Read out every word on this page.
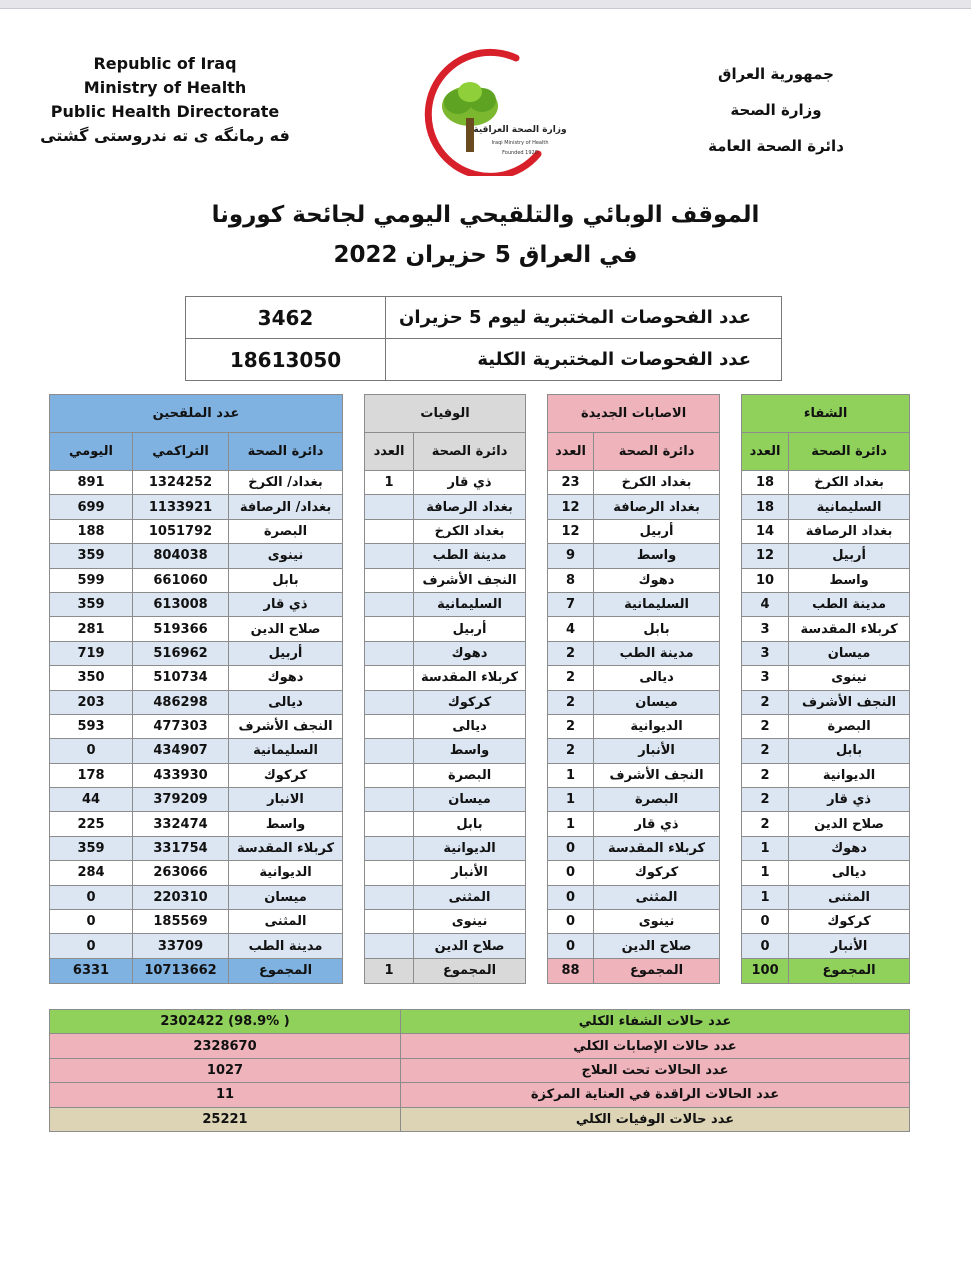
Republic of Iraq
Ministry of Health
Public Health Directorate
فه رمانگه ى ته ندروستى گشتى
جمهورية العراق
وزارة الصحة
دائرة الصحة العامة
وزارة الصحة العراقية
Iraqi Ministry of Health
Founded 1920
الموقف الوبائي والتلقيحي اليومي لجائحة كورونا
في العراق 5 حزيران 2022
3462	عدد الفحوصات المختبرية ليوم 5 حزيران
18613050	عدد الفحوصات المختبرية الكلية
الشفاء			الاصابات الجديدة			الوفيات			عدد الملقحين		
دائرة الصحة	العدد		دائرة الصحة	العدد		دائرة الصحة	العدد		دائرة الصحة	التراكمي	اليومي
بغداد الكرخ	18		بغداد الكرخ	23		ذي قار	1		بغداد/ الكرخ	1324252	891
السليمانية	18		بغداد الرصافة	12		بغداد الرصافة			بغداد/ الرصافة	1133921	699
بغداد الرصافة	14		أربيل	12		بغداد الكرخ			البصرة	1051792	188
أربيل	12		واسط	9		مدينة الطب			نينوى	804038	359
واسط	10		دهوك	8		النجف الأشرف			بابل	661060	599
مدينة الطب	4		السليمانية	7		السليمانية			ذي قار	613008	359
كربلاء المقدسة	3		بابل	4		أربيل			صلاح الدين	519366	281
ميسان	3		مدينة الطب	2		دهوك			أربيل	516962	719
نينوى	3		ديالى	2		كربلاء المقدسة			دهوك	510734	350
النجف الأشرف	2		ميسان	2		كركوك			ديالى	486298	203
البصرة	2		الديوانية	2		ديالى			النجف الأشرف	477303	593
بابل	2		الأنبار	2		واسط			السليمانية	434907	0
الديوانية	2		النجف الأشرف	1		البصرة			كركوك	433930	178
ذي قار	2		البصرة	1		ميسان			الانبار	379209	44
صلاح الدين	2		ذي قار	1		بابل			واسط	332474	225
دهوك	1		كربلاء المقدسة	0		الديوانية			كربلاء المقدسة	331754	359
ديالى	1		كركوك	0		الأنبار			الديوانية	263066	284
المثنى	1		المثنى	0		المثنى			ميسان	220310	0
كركوك	0		نينوى	0		نينوى			المثنى	185569	0
الأنبار	0		صلاح الدين	0		صلاح الدين			مدينة الطب	33709	0
المجموع	100		المجموع	88		المجموع	1		المجموع	10713662	6331
عدد حالات الشفاء الكلي	2302422 (98.9% )
عدد حالات الإصابات الكلي	2328670
عدد الحالات تحت العلاج	1027
عدد الحالات الراقدة في العناية المركزة	11
عدد حالات الوفيات الكلي	25221
